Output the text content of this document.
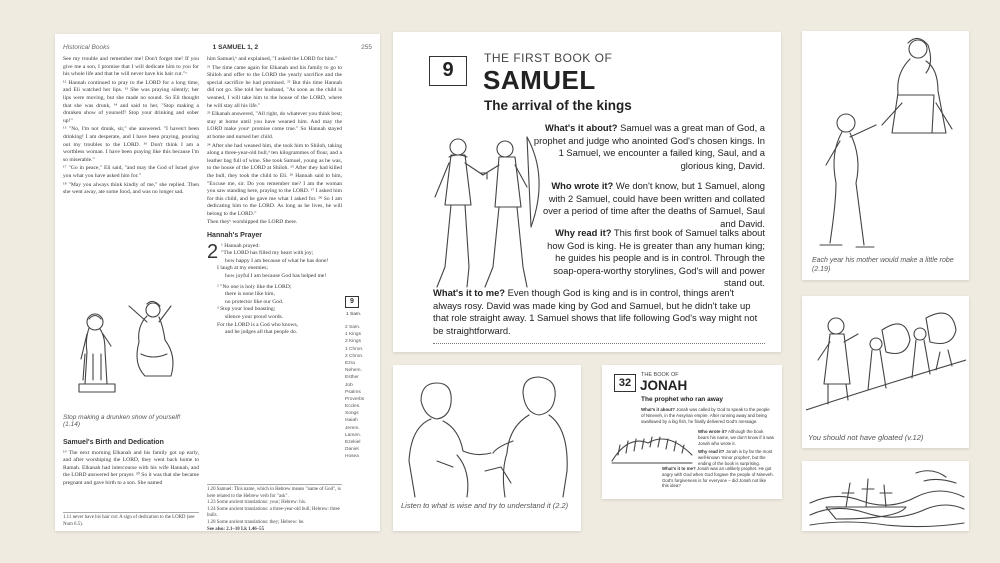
Historical Books	1 SAMUEL 1, 2	255

See my trouble and remember me! Don't forget me! If you give me a son, I promise that I will dedicate him to you for his whole life and that he will never have his hair cut."ᵃ

¹² Hannah continued to pray to the LORD for a long time, and Eli watched her lips. ¹³ She was praying silently; her lips were moving, but she made no sound. So Eli thought that she was drunk, ¹⁴ and said to her, "Stop making a drunken show of yourself! Stop your drinking and sober up!"

¹⁵ "No, I'm not drunk, sir," she answered. "I haven't been drinking! I am desperate, and I have been praying, pouring out my troubles to the LORD. ¹⁶ Don't think I am a worthless woman. I have been praying like this because I'm so miserable."

¹⁷ "Go in peace," Eli said, "and may the God of Israel give you what you have asked him for."

¹⁸ "May you always think kindly of me," she replied. Then she went away, ate some food, and was no longer sad.

Stop making a drunken show of yourself! (1.14)
Samuel's Birth and Dedication

¹⁹ The next morning Elkanah and his family got up early, and after worshiping the LORD, they went back home to Ramah. Elkanah had intercourse with his wife Hannah, and the LORD answered her prayer. ²⁰ So it was that she became pregnant and gave birth to a son. She named

1.11 never have his hair cut: A sign of dedication to the LORD (see Num 6.5).

him Samuel,ᵇ and explained, "I asked the LORD for him."

²¹ The time came again for Elkanah and his family to go to Shiloh and offer to the LORD the yearly sacrifice and the special sacrifice he had promised. ²² But this time Hannah did not go. She told her husband, "As soon as the child is weaned, I will take him to the house of the LORD, where he will stay all his life."

²³ Elkanah answered, "All right, do whatever you think best; stay at home until you have weaned him. And may the LORD make yourᶜ promise come true." So Hannah stayed at home and nursed her child.

²⁴ After she had weaned him, she took him to Shiloh, taking along a three-year-old bull,ᵈ ten kilogrammes of flour, and a leather bag full of wine. She took Samuel, young as he was, to the house of the LORD at Shiloh. ²⁵ After they had killed the bull, they took the child to Eli. ²⁶ Hannah said to him, "Excuse me, sir. Do you remember me? I am the woman you saw standing here, praying to the LORD. ²⁷ I asked him for this child, and he gave me what I asked for. ²⁸ So I am dedicating him to the LORD. As long as he lives, he will belong to the LORD."

Then theyᵉ worshipped the LORD there.

Hannah's Prayer
2 ¹ Hannah prayed:
"The LORD has filled my heart with joy;
how happy I am because of what he has done!
I laugh at my enemies;
how joyful I am because God has helped me!
² "No one is holy like the LORD;
there is none like him,
no protector like our God.
³ Stop your loud boasting;
silence your proud words.
For the LORD is a God who knows,
and he judges all that people do.
1.20 Samuel: This name, which in Hebrew means "name of God", is here related to the Hebrew verb for "ask".
1.23 Some ancient translations: your; Hebrew: his.
1.24 Some ancient translations: a three-year-old bull; Hebrew: three bulls.
1.28 Some ancient translations: they; Hebrew: he.
See also: 2.1–10 Lk 1.46–55
9
1 Sam.
2 Sam.
1 Kings
2 Kings
1 Chron.
2 Chron.
Ezra
Nehem.
Esther
Job
Psalms
Proverbs
Eccles.
Songs
Isaiah
Jerem.
Lamen.
Ezekiel
Daniel
Hosea
9
THE FIRST BOOK OF
SAMUEL
The arrival of the kings
What's it about? Samuel was a great man of God, a prophet and judge who anointed God's chosen kings. In 1 Samuel, we encounter a failed king, Saul, and a glorious king, David.
Who wrote it? We don't know, but 1 Samuel, along with 2 Samuel, could have been written and collated over a period of time after the deaths of Samuel, Saul and David.
Why read it? This first book of Samuel talks about how God is king. He is greater than any human king; he guides his people and is in control. Through the soap-opera-worthy storylines, God's will and power stand out.
What's it to me? Even though God is king and is in control, things aren't always rosy. David was made king by God and Samuel, but he didn't take up that role straight away. 1 Samuel shows that life following God's way might not be straightforward.
Listen to what is wise and try to understand it (2.2)
32
THE BOOK OF
JONAH
The prophet who ran away
What's it about? Jonah was called by God to speak to the people of Nineveh, in the Assyrian empire. After running away and being swallowed by a big fish, he finally delivered God's message.
Who wrote it? Although the book bears his name, we don't know if it was Jonah who wrote it.
Why read it? Jonah is by far the most well-known 'minor prophet', but the ending of the book is surprising.
What's it to me? Jonah was an unlikely prophet. He got angry with God when God forgave the people of Nineveh. God's forgiveness is for everyone – did Jonah not like this idea?
Each year his mother would make a little robe (2.19)
You should not have gloated (v.12)
